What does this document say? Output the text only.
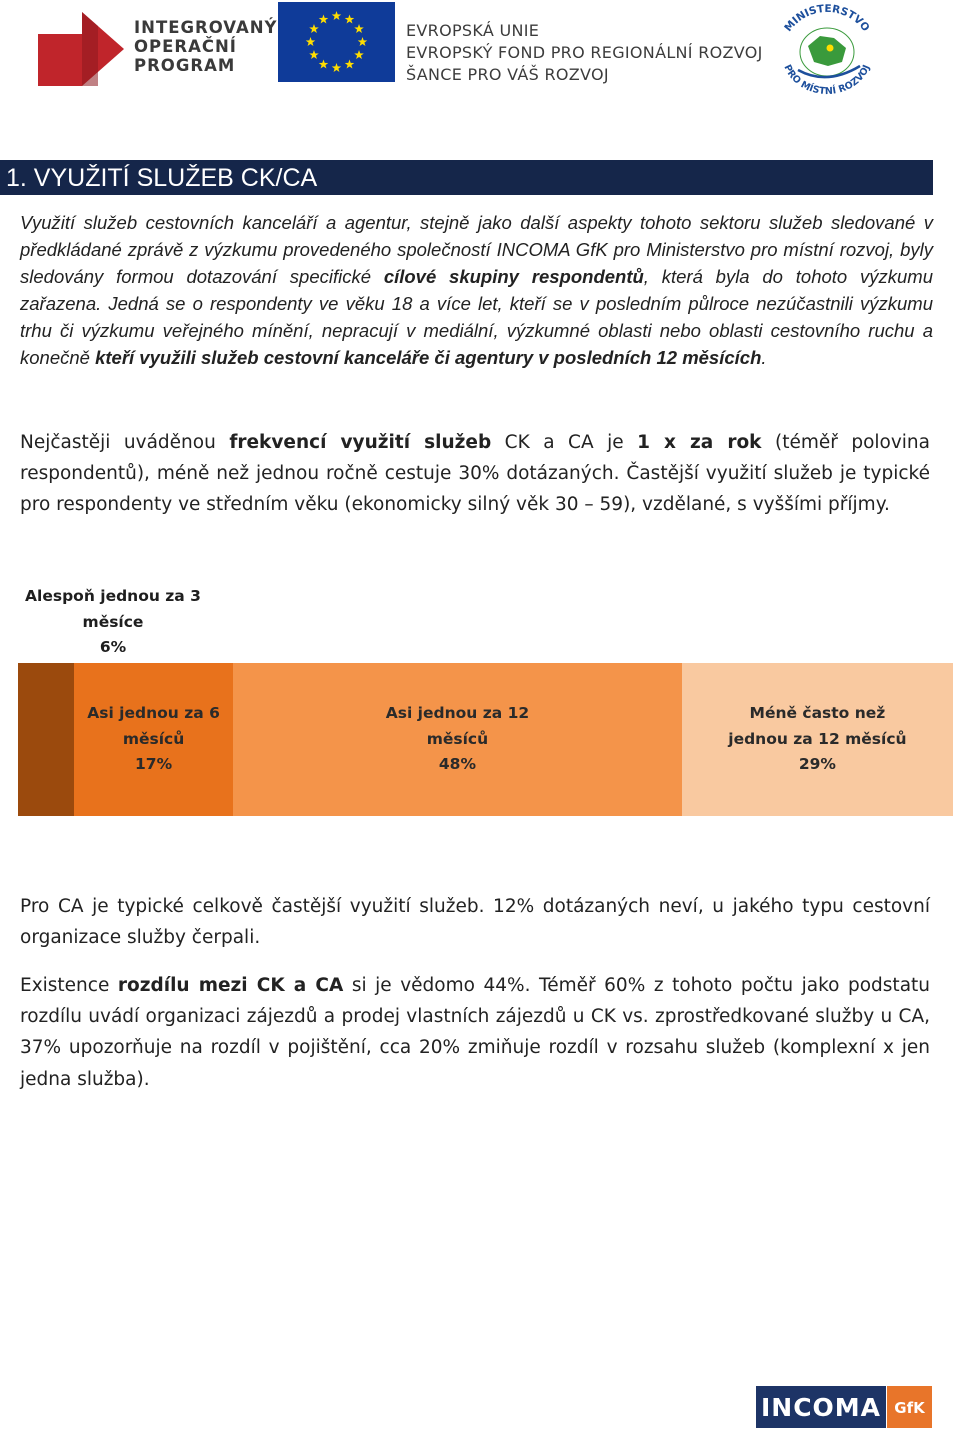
INTEGROVANÝ
OPERAČNÍ
PROGRAM
EVROPSKÁ UNIE
EVROPSKÝ FOND PRO REGIONÁLNÍ ROZVOJ
ŠANCE PRO VÁŠ ROZVOJ
MINISTERSTVO
PRO MÍSTNÍ ROZVOJ
1. VYUŽITÍ SLUŽEB CK/CA
Využití služeb cestovních kanceláří a agentur, stejně jako další aspekty tohoto sektoru služeb sledované v předkládané zprávě z výzkumu provedeného společností INCOMA GfK pro Ministerstvo pro místní rozvoj, byly sledovány formou dotazování specifické cílové skupiny respondentů, která byla do tohoto výzkumu zařazena. Jedná se o respondenty ve věku 18 a více let, kteří se v posledním půlroce nezúčastnili výzkumu trhu či výzkumu veřejného mínění, nepracují v mediální, výzkumné oblasti nebo oblasti cestovního ruchu a konečně kteří využili služeb cestovní kanceláře či agentury v posledních 12 měsících.
Nejčastěji uváděnou frekvencí využití služeb CK a CA je 1 x za rok (téměř polovina respondentů), méně než jednou ročně cestuje 30% dotázaných. Častější využití služeb je typické pro respondenty ve středním věku (ekonomicky silný věk 30 – 59), vzdělané, s vyššími příjmy.
Alespoň jednou za 3
měsíce
6%
Asi jednou za 6
měsíců
17%
Asi jednou za 12
měsíců
48%
Méně často než
jednou za 12 měsíců
29%
Pro CA je typické celkově častější využití služeb. 12% dotázaných neví, u jakého typu cestovní organizace služby čerpali.
Existence rozdílu mezi CK a CA si je vědomo 44%. Téměř 60% z tohoto počtu jako podstatu rozdílu uvádí organizaci zájezdů a prodej vlastních zájezdů u CK vs. zprostředkované služby u CA, 37% upozorňuje na rozdíl v pojištění, cca 20% zmiňuje rozdíl v rozsahu služeb (komplexní x jen jedna služba).
INCOMA GfK
